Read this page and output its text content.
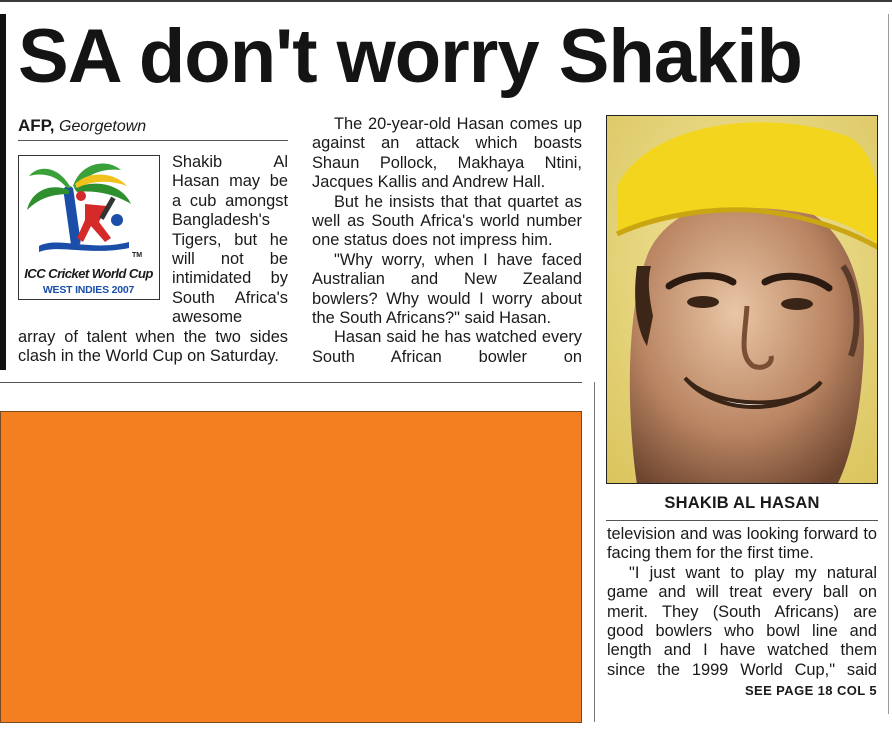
SA don't worry Shakib
AFP, Georgetown
TM
ICC Cricket World Cup
WEST INDIES 2007
Shakib Al
Hasan may be
a cub amongst
Bangladesh's
Tigers, but he
will not be
intimidated by
South Africa's
awesome
array of talent when the two sides
clash in the World Cup on Saturday.

The 20-year-old Hasan comes up against an attack which boasts Shaun Pollock, Makhaya Ntini, Jacques Kallis and Andrew Hall.

But he insists that that quartet as well as South Africa's world number one status does not impress him.

"Why worry, when I have faced Australian and New Zealand bowlers? Why would I worry about the South Africans?" said Hasan.

Hasan said he has watched every South African bowler on

SHAKIB AL HASAN

television and was looking forward to facing them for the first time.

"I just want to play my natural game and will treat every ball on merit. They (South Africans) are good bowlers who bowl line and length and I have watched them since the 1999 World Cup," said

SEE PAGE 18 COL 5
